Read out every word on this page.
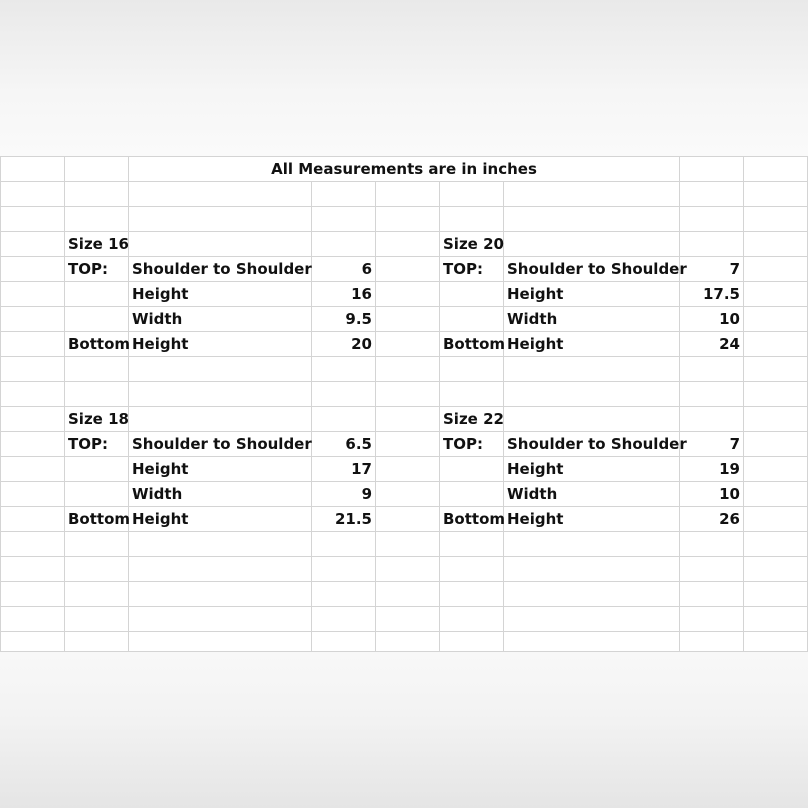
All Measurements are in inches
Size 16
TOP:	Shoulder to Shoulder	6
Height	16
Width	9.5
Bottom Height	20
Size 20
TOP:	Shoulder to Shoulder	7
Height	17.5
Width	10
Bottom Height	24
Size 18
TOP:	Shoulder to Shoulder	6.5
Height	17
Width	9
Bottom Height	21.5
Size 22
TOP:	Shoulder to Shoulder	7
Height	19
Width	10
Bottom Height	26
